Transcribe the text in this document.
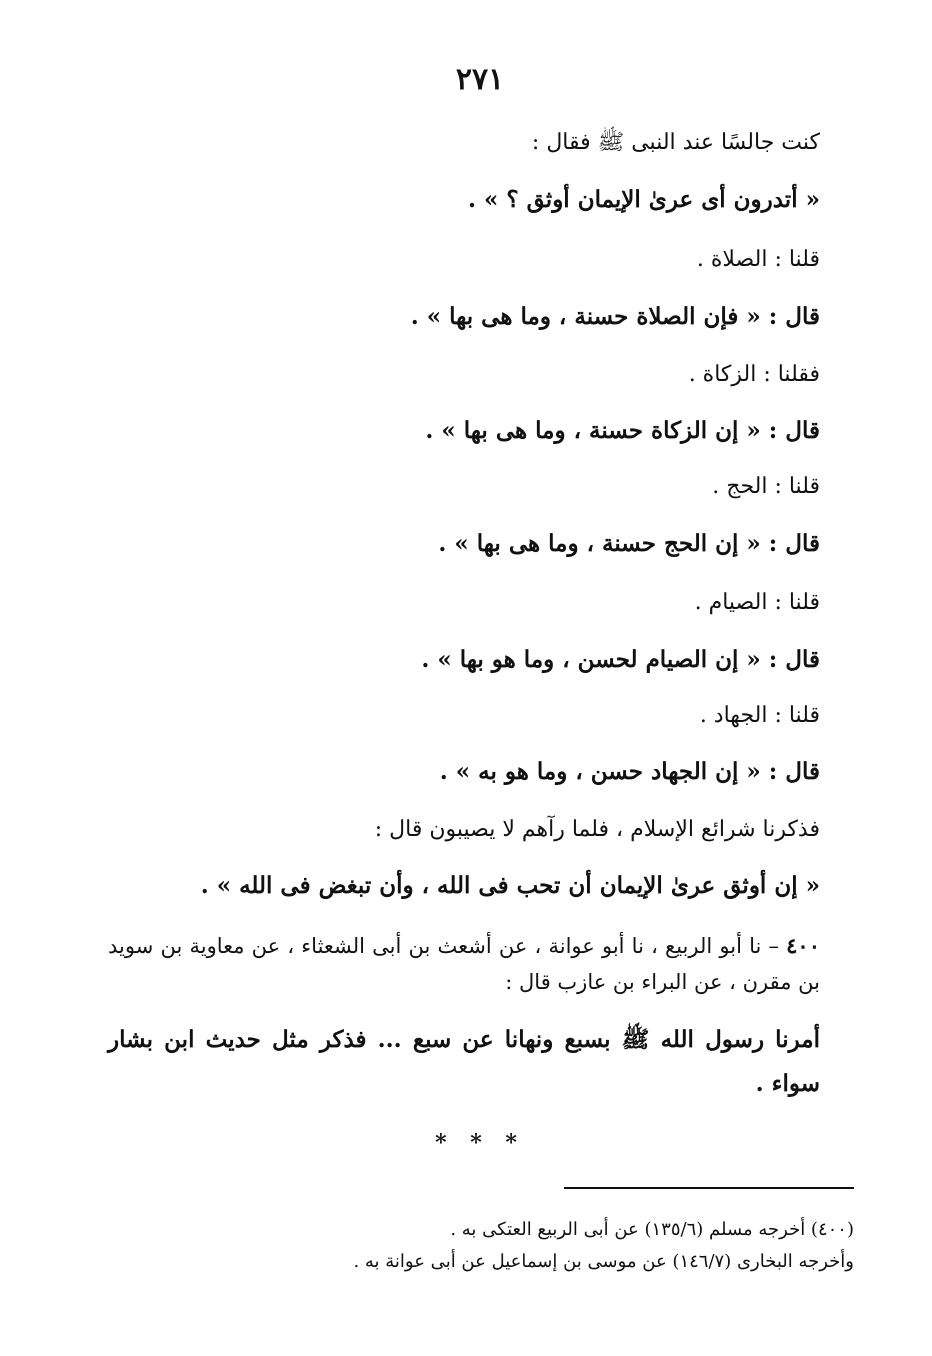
٢٧١
كنت جالسًا عند النبى ﷺ فقال :
« أتدرون أى عرىٰ الإيمان أوثق ؟ » .
قلنا : الصلاة .
قال : « فإن الصلاة حسنة ، وما هى بها » .
فقلنا : الزكاة .
قال : « إن الزكاة حسنة ، وما هى بها » .
قلنا : الحج .
قال : « إن الحج حسنة ، وما هى بها » .
قلنا : الصيام .
قال : « إن الصيام لحسن ، وما هو بها » .
قلنا : الجهاد .
قال : « إن الجهاد حسن ، وما هو به » .
فذكرنا شرائع الإسلام ، فلما رآهم لا يصيبون قال :
« إن أوثق عرىٰ الإيمان أن تحب فى الله ، وأن تبغض فى الله » .
٤٠٠ – نا أبو الربيع ، نا أبو عوانة ، عن أشعث بن أبى الشعثاء ، عن معاوية بن سويد بن مقرن ، عن البراء بن عازب قال :
أمرنا رسول الله ﷺ بسبع ونهانا عن سبع ... فذكر مثل حديث ابن بشار سواء .
* * *
(٤٠٠) أخرجه مسلم (١٣٥/٦) عن أبى الربيع العتكى به .
وأخرجه البخارى (١٤٦/٧) عن موسى بن إسماعيل عن أبى عوانة به .
